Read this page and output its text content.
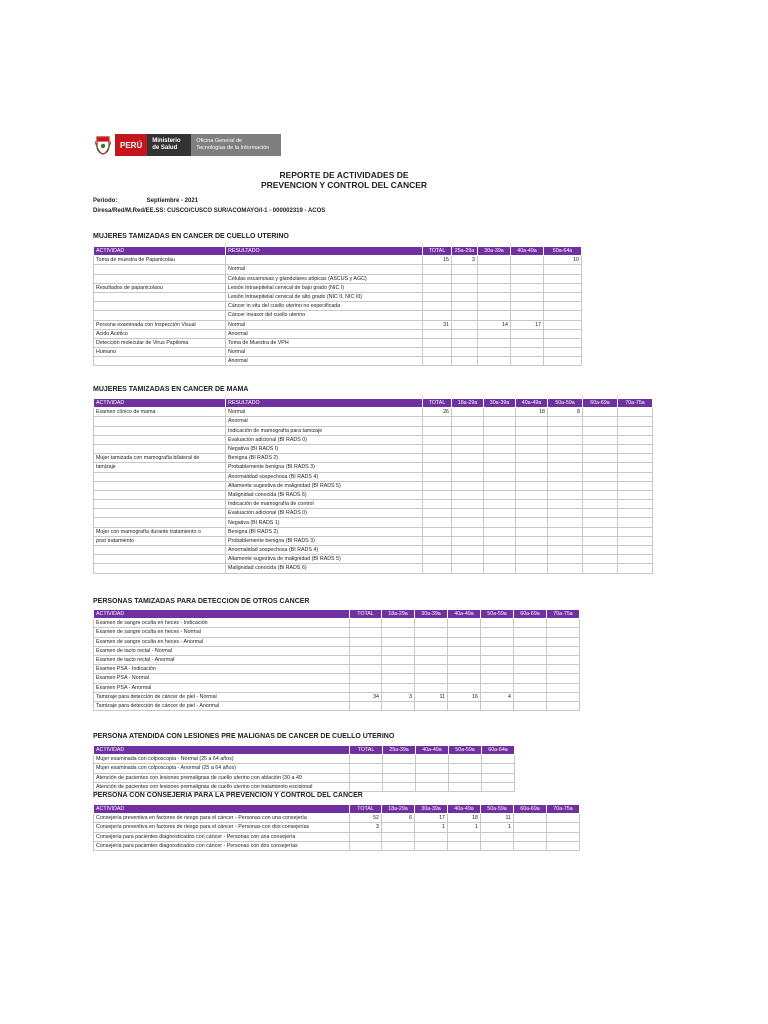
PERÚ	Ministerio
de Salud
Oficina General de
Tecnologías de la Información
REPORTE DE ACTIVIDADES DE
PREVENCION Y CONTROL DEL CANCER
Periodo:	Septiembre - 2021
Diresa/Red/M.Red/EE.SS: CUSCO/CUSCO SUR/ACOMAYO/I-1 - 000002319 - ACOS
MUJERES TAMIZADAS EN CANCER DE CUELLO UTERINO
ACTIVIDAD	RESULTADO	TOTAL	25a-29a	30a-39a	40a-49a	50a-64a
Toma de muestra de Papanicolau		15	3			10
	Normal					
	Células escamosas y glandulares atípicas (ASCUS y AGC)					
Resultados de papanicolaou	Lesión Intraepitelial cervical de bajo grado (NIC I)					
	Lesión Intraepitelial cervical de alto grado (NIC II, NIC III)					
	Cáncer in situ del cuello uterino no especificada					
	Cáncer invasor del cuello uterino					
Persona examinada con Inspección Visual	Normal	31		14	17	
Acido Acético	Anormal					
Detección molecular de Virus Papiloma	Toma de Muestra de VPH					
Humano	Normal					
	Anormal					
MUJERES TAMIZADAS EN CANCER DE MAMA
ACTIVIDAD	RESULTADO	TOTAL	18a-29a	30a-39a	40a-49a	50a-59a	60a-69a	70a-75a
Examen clínico de mama	Normal	26			18	8		
	Anormal							
	Indicación de mamografía para tamizaje							
	Evaluación adicional (BI RADS 0)							
	Negativa (BI RADS I)							
Mujer tamizada con mamografía bilateral de	Benigna (BI RADS 2)							
tamizaje	Probablemente benigna (BI RADS 3)							
	Anormalidad sospechosa (BI RADS 4)							
	Altamente sugestiva de malignidad (BI RADS 5)							
	Malignidad conocida (Bi RADS 6)							
	Indicación de mamografía de control							
	Evaluación adicional (BI RADS 0)							
	Negativa (BI RADS 1)							
Mujer con mamografía durante tratamiento o	Benigna (BI RADS 2)							
post tratamiento	Probablemente benigna (BI RADS 3)							
	Anormalidad sospechosa (BI RADS 4)							
	Altamente sugestiva de malignidad (BI RADS 5)							
	Malignidad conocida (Bi RADS 6)							
PERSONAS TAMIZADAS PARA DETECCION DE OTROS CANCER
ACTIVIDAD	TOTAL	18a-29a	30a-39a	40a-49a	50a-59a	60a-69a	70a-75a
Examen de sangre oculta en heces - Indicación							
Examen de sangre oculta en heces - Normal							
Examen de sangre oculta en heces - Anormal							
Examen de tacto rectal - Normal							
Examen de tacto rectal - Anormal							
Examen PSA - Indicación							
Examen PSA - Normal							
Examen PSA - Anormal							
Tamizaje para detección de cáncer de piel - Normal	34	3	11	16	4		
Tamizaje para detección de cáncer de piel - Anormal							
PERSONA ATENDIDA CON LESIONES PRE MALIGNAS DE CANCER DE CUELLO UTERINO
ACTIVIDAD	TOTAL	25a-39a	40a-49a	50a-59a	60a-64a
Mujer examinada con colposcopia - Normal (25 a 64 años)					
Mujer examinada con colposcopia - Anormal (25 a 64 años)					
Atención de pacientes con lesiones premalignas de cuello uterino con ablación (30 a 49					
Atención de pacientes con lesiones premalignas de cuello uterino con tratamiento escisional					
PERSONA CON CONSEJERIA PARA LA PREVENCION Y CONTROL DEL CANCER
ACTIVIDAD	TOTAL	18a-29a	30a-39a	40a-49a	50a-59a	60a-69a	70a-75a
Consejería preventiva en factores de riesgo para el cáncer - Personas con una consejería	52	6	17	18	11		
Consejería preventiva en factores de riesgo para el cáncer - Personas con dos consejerías	3		1	1	1		
Consejería para pacientes diagnosticados con cáncer - Personas con una consejería							
Consejería para pacientes diagnosticados con cáncer - Personas con dos consejerías							
